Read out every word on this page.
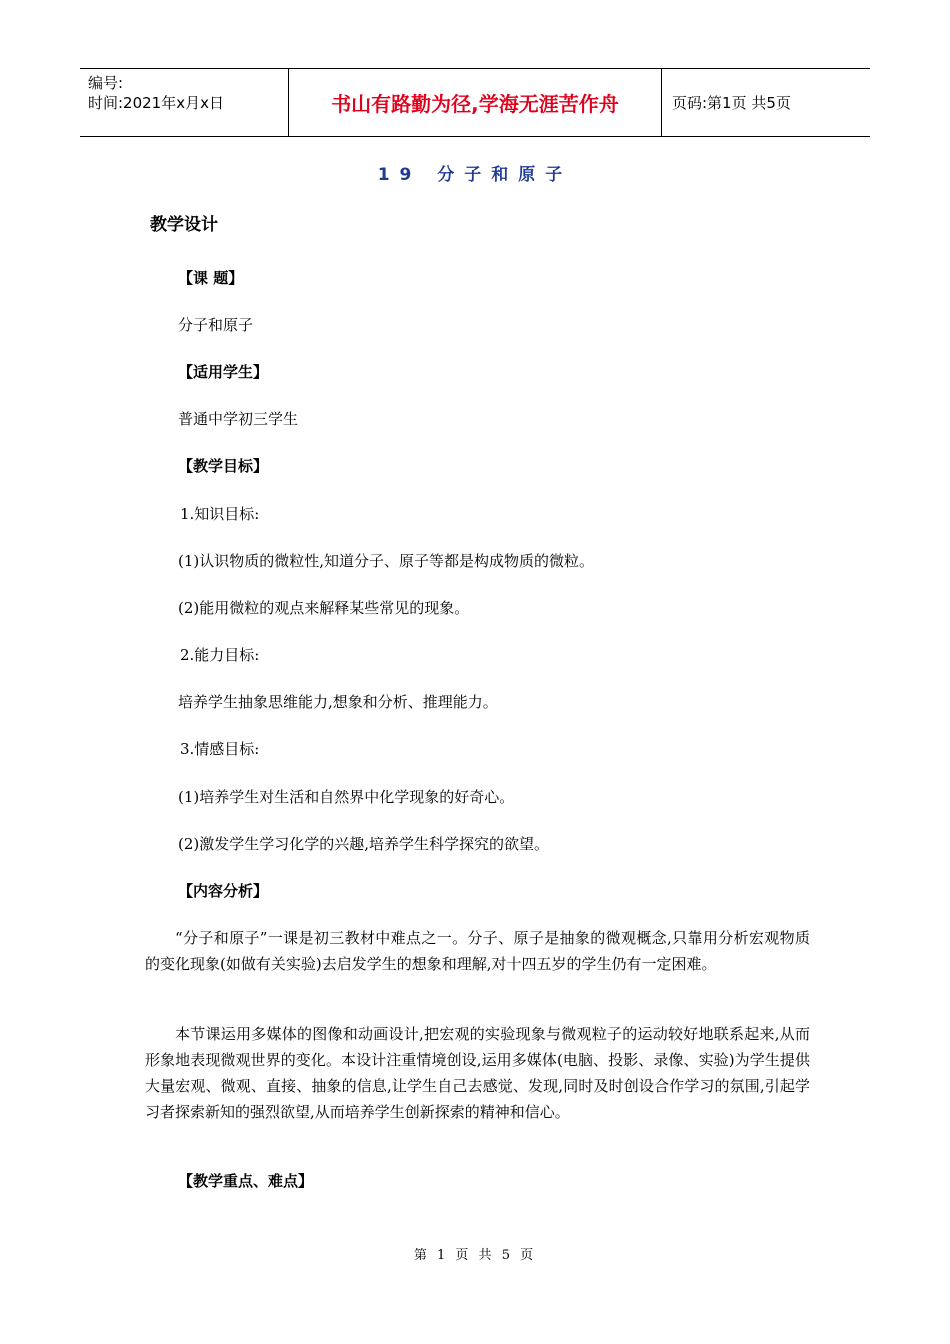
编号:
时间:2021年x月x日	书山有路勤为径,学海无涯苦作舟	页码:第1页 共5页
19 分子和原子
教学设计
【课 题】
分子和原子
【适用学生】
普通中学初三学生
【教学目标】
1.知识目标:
(1)认识物质的微粒性,知道分子、原子等都是构成物质的微粒。
(2)能用微粒的观点来解释某些常见的现象。
2.能力目标:
培养学生抽象思维能力,想象和分析、推理能力。
3.情感目标:
(1)培养学生对生活和自然界中化学现象的好奇心。
(2)激发学生学习化学的兴趣,培养学生科学探究的欲望。
【内容分析】
“分子和原子”一课是初三教材中难点之一。分子、原子是抽象的微观概念,只靠用分析宏观物质的变化现象(如做有关实验)去启发学生的想象和理解,对十四五岁的学生仍有一定困难。
本节课运用多媒体的图像和动画设计,把宏观的实验现象与微观粒子的运动较好地联系起来,从而形象地表现微观世界的变化。本设计注重情境创设,运用多媒体(电脑、投影、录像、实验)为学生提供大量宏观、微观、直接、抽象的信息,让学生自己去感觉、发现,同时及时创设合作学习的氛围,引起学习者探索新知的强烈欲望,从而培养学生创新探索的精神和信心。
【教学重点、难点】
第 1 页 共 5 页
